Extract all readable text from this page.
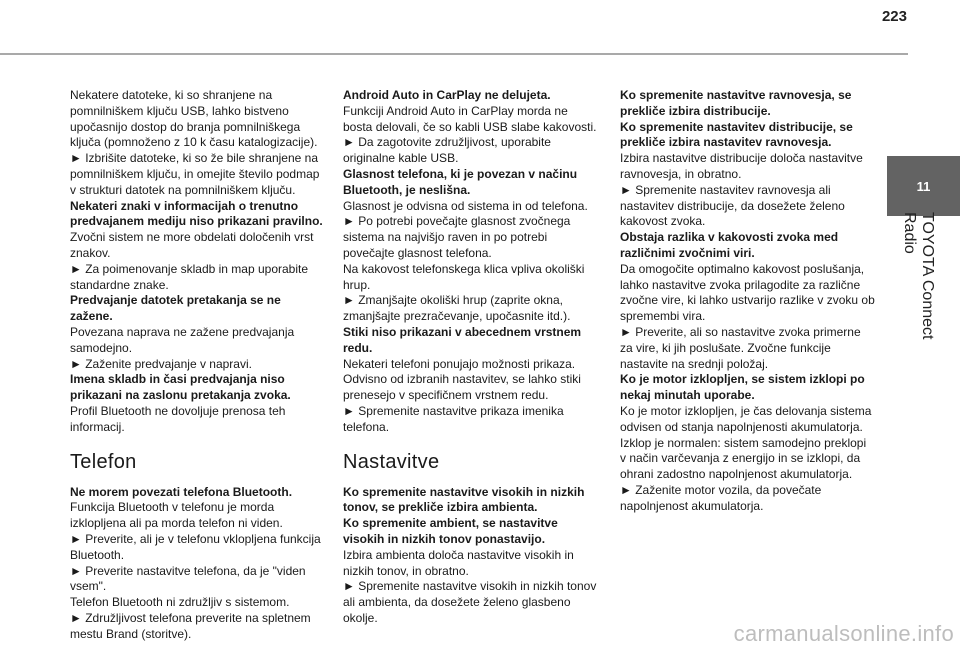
223
11
TOYOTA Connect Radio

Nekatere datoteke, ki so shranjene na pomnilniškem ključu USB, lahko bistveno upočasnijo dostop do branja pomnilniškega ključa (pomnoženo z 10 k času katalogizacije).

► Izbrišite datoteke, ki so že bile shranjene na pomnilniškem ključu, in omejite število podmap v strukturi datotek na pomnilniškem ključu.

Nekateri znaki v informacijah o trenutno predvajanem mediju niso prikazani pravilno.

Zvočni sistem ne more obdelati določenih vrst znakov.

► Za poimenovanje skladb in map uporabite standardne znake.

Predvajanje datotek pretakanja se ne zažene.

Povezana naprava ne zažene predvajanja samodejno.

► Zaženite predvajanje v napravi.

Imena skladb in časi predvajanja niso prikazani na zaslonu pretakanja zvoka.

Profil Bluetooth ne dovoljuje prenosa teh informacij.

Telefon

Ne morem povezati telefona Bluetooth.

Funkcija Bluetooth v telefonu je morda izklopljena ali pa morda telefon ni viden.

► Preverite, ali je v telefonu vklopljena funkcija Bluetooth.

► Preverite nastavitve telefona, da je "viden vsem".

Telefon Bluetooth ni združljiv s sistemom.

► Združljivost telefona preverite na spletnem mestu Brand (storitve).

Android Auto in CarPlay ne delujeta.

Funkciji Android Auto in CarPlay morda ne bosta delovali, če so kabli USB slabe kakovosti.

► Da zagotovite združljivost, uporabite originalne kable USB.

Glasnost telefona, ki je povezan v načinu Bluetooth, je neslišna.

Glasnost je odvisna od sistema in od telefona.

► Po potrebi povečajte glasnost zvočnega sistema na najvišjo raven in po potrebi povečajte glasnost telefona.

Na kakovost telefonskega klica vpliva okoliški hrup.

► Zmanjšajte okoliški hrup (zaprite okna, zmanjšajte prezračevanje, upočasnite itd.).

Stiki niso prikazani v abecednem vrstnem redu.

Nekateri telefoni ponujajo možnosti prikaza. Odvisno od izbranih nastavitev, se lahko stiki prenesejo v specifičnem vrstnem redu.

► Spremenite nastavitve prikaza imenika telefona.

Nastavitve

Ko spremenite nastavitve visokih in nizkih tonov, se prekliče izbira ambienta.

Ko spremenite ambient, se nastavitve visokih in nizkih tonov ponastavijo.

Izbira ambienta določa nastavitve visokih in nizkih tonov, in obratno.

► Spremenite nastavitve visokih in nizkih tonov ali ambienta, da dosežete želeno glasbeno okolje.

Ko spremenite nastavitve ravnovesja, se prekliče izbira distribucije.

Ko spremenite nastavitev distribucije, se prekliče izbira nastavitev ravnovesja.

Izbira nastavitve distribucije določa nastavitve ravnovesja, in obratno.

► Spremenite nastavitev ravnovesja ali nastavitev distribucije, da dosežete želeno kakovost zvoka.

Obstaja razlika v kakovosti zvoka med različnimi zvočnimi viri.

Da omogočite optimalno kakovost poslušanja, lahko nastavitve zvoka prilagodite za različne zvočne vire, ki lahko ustvarijo razlike v zvoku ob spremembi vira.

► Preverite, ali so nastavitve zvoka primerne za vire, ki jih poslušate. Zvočne funkcije nastavite na srednji položaj.

Ko je motor izklopljen, se sistem izklopi po nekaj minutah uporabe.

Ko je motor izklopljen, je čas delovanja sistema odvisen od stanja napolnjenosti akumulatorja.

Izklop je normalen: sistem samodejno preklopi v način varčevanja z energijo in se izklopi, da ohrani zadostno napolnjenost akumulatorja.

► Zaženite motor vozila, da povečate napolnjenost akumulatorja.

carmanualsonline.info
